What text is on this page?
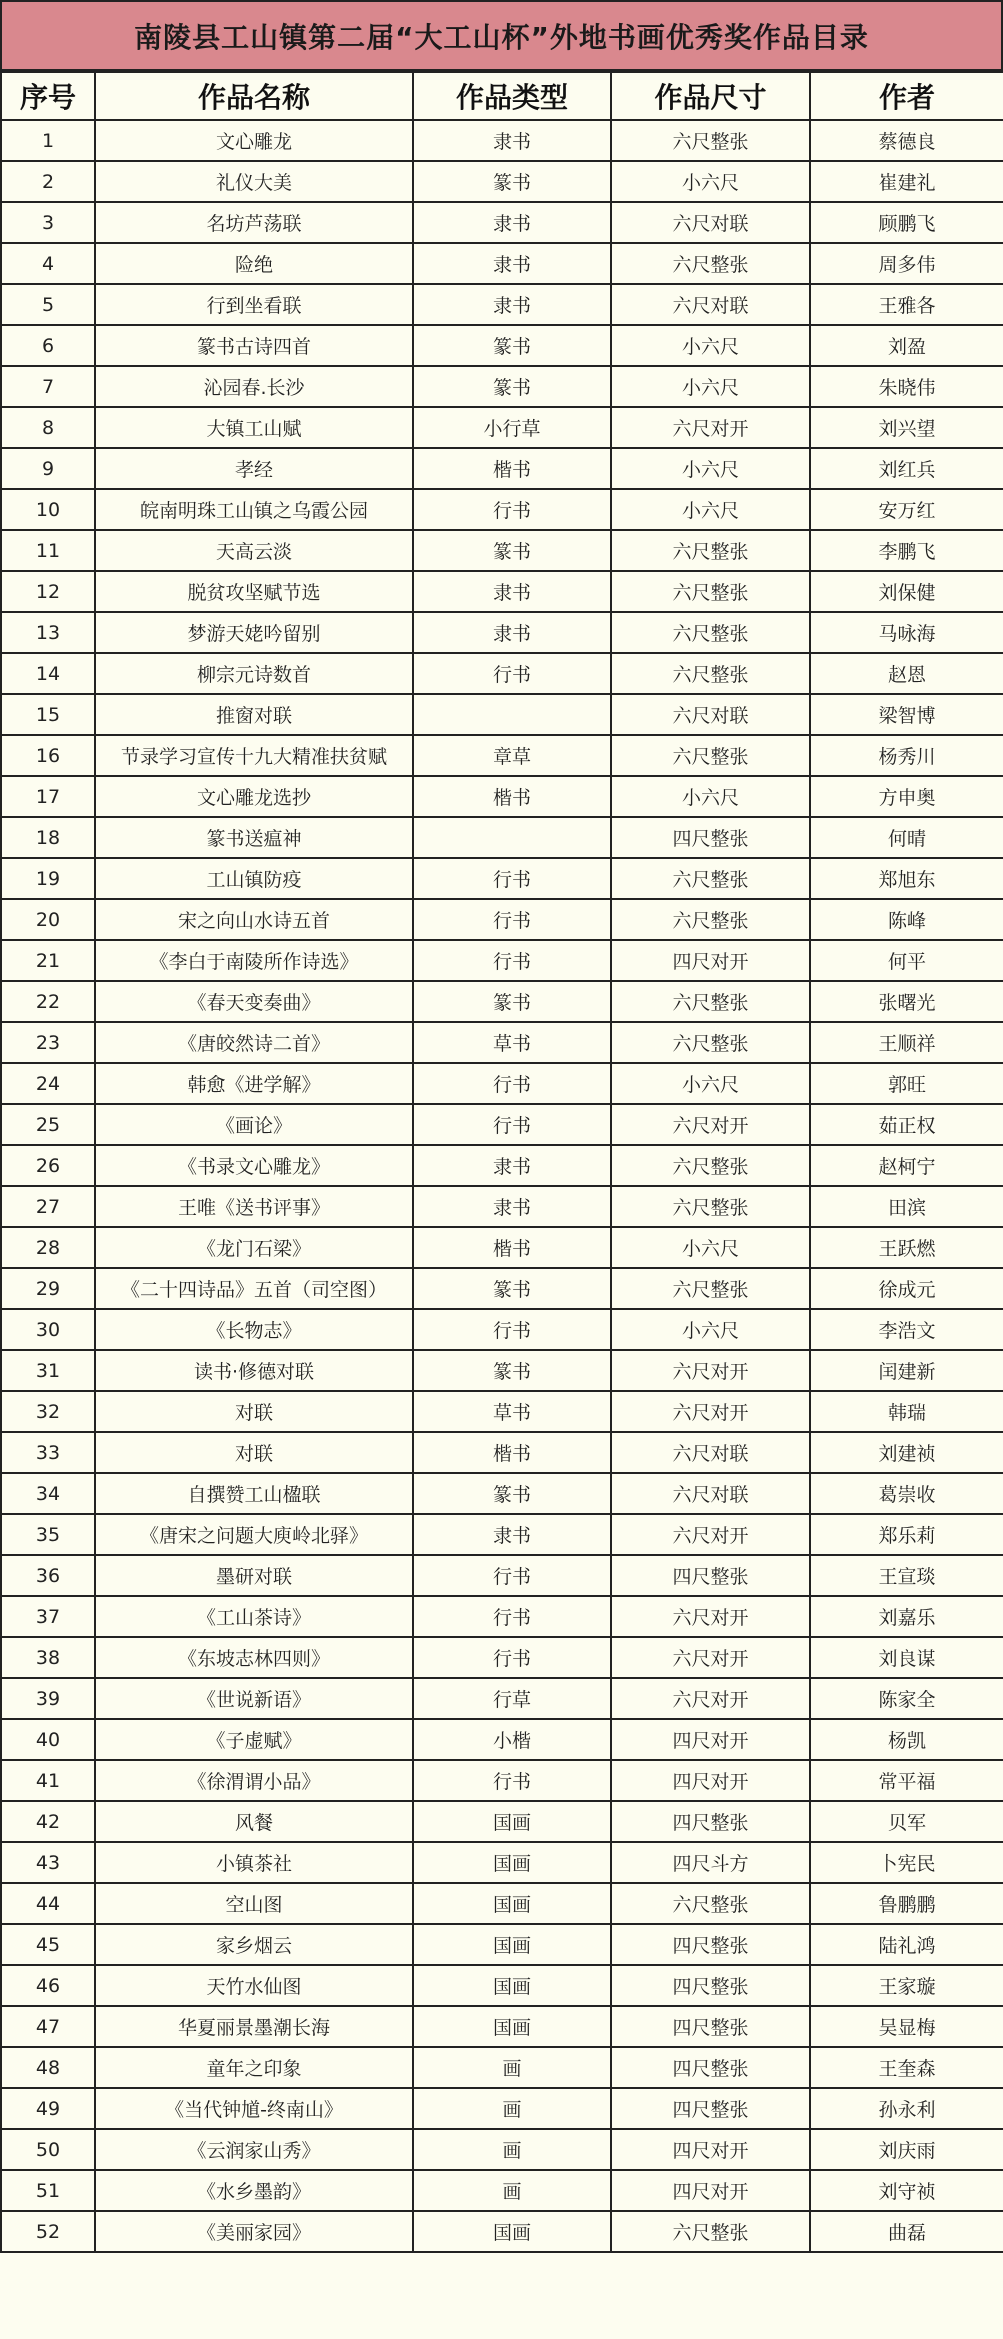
南陵县工山镇第二届“大工山杯”外地书画优秀奖作品目录
序号	作品名称	作品类型	作品尺寸	作者
1	文心雕龙	隶书	六尺整张	蔡德良
2	礼仪大美	篆书	小六尺	崔建礼
3	名坊芦荡联	隶书	六尺对联	顾鹏飞
4	险绝	隶书	六尺整张	周多伟
5	行到坐看联	隶书	六尺对联	王雅各
6	篆书古诗四首	篆书	小六尺	刘盈
7	沁园春.长沙	篆书	小六尺	朱晓伟
8	大镇工山赋	小行草	六尺对开	刘兴望
9	孝经	楷书	小六尺	刘红兵
10	皖南明珠工山镇之乌霞公园	行书	小六尺	安万红
11	天高云淡	篆书	六尺整张	李鹏飞
12	脱贫攻坚赋节选	隶书	六尺整张	刘保健
13	梦游天姥吟留别	隶书	六尺整张	马咏海
14	柳宗元诗数首	行书	六尺整张	赵恩
15	推窗对联		六尺对联	梁智博
16	节录学习宣传十九大精准扶贫赋	章草	六尺整张	杨秀川
17	文心雕龙选抄	楷书	小六尺	方申奥
18	篆书送瘟神		四尺整张	何晴
19	工山镇防疫	行书	六尺整张	郑旭东
20	宋之向山水诗五首	行书	六尺整张	陈峰
21	《李白于南陵所作诗选》	行书	四尺对开	何平
22	《春天变奏曲》	篆书	六尺整张	张曙光
23	《唐皎然诗二首》	草书	六尺整张	王顺祥
24	韩愈《进学解》	行书	小六尺	郭旺
25	《画论》	行书	六尺对开	茹正权
26	《书录文心雕龙》	隶书	六尺整张	赵柯宁
27	王唯《送书评事》	隶书	六尺整张	田滨
28	《龙门石梁》	楷书	小六尺	王跃燃
29	《二十四诗品》五首（司空图）	篆书	六尺整张	徐成元
30	《长物志》	行书	小六尺	李浩文
31	读书·修德对联	篆书	六尺对开	闰建新
32	对联	草书	六尺对开	韩瑞
33	对联	楷书	六尺对联	刘建祯
34	自撰赞工山楹联	篆书	六尺对联	葛崇收
35	《唐宋之问题大庾岭北驿》	隶书	六尺对开	郑乐莉
36	墨研对联	行书	四尺整张	王宣琰
37	《工山茶诗》	行书	六尺对开	刘嘉乐
38	《东坡志林四则》	行书	六尺对开	刘良谋
39	《世说新语》	行草	六尺对开	陈家全
40	《子虚赋》	小楷	四尺对开	杨凯
41	《徐渭谓小品》	行书	四尺对开	常平福
42	风餐	国画	四尺整张	贝军
43	小镇茶社	国画	四尺斗方	卜宪民
44	空山图	国画	六尺整张	鲁鹏鹏
45	家乡烟云	国画	四尺整张	陆礼鸿
46	天竹水仙图	国画	四尺整张	王家璇
47	华夏丽景墨潮长海	国画	四尺整张	吴显梅
48	童年之印象	画	四尺整张	王奎森
49	《当代钟馗-终南山》	画	四尺整张	孙永利
50	《云润家山秀》	画	四尺对开	刘庆雨
51	《水乡墨韵》	画	四尺对开	刘守祯
52	《美丽家园》	国画	六尺整张	曲磊
